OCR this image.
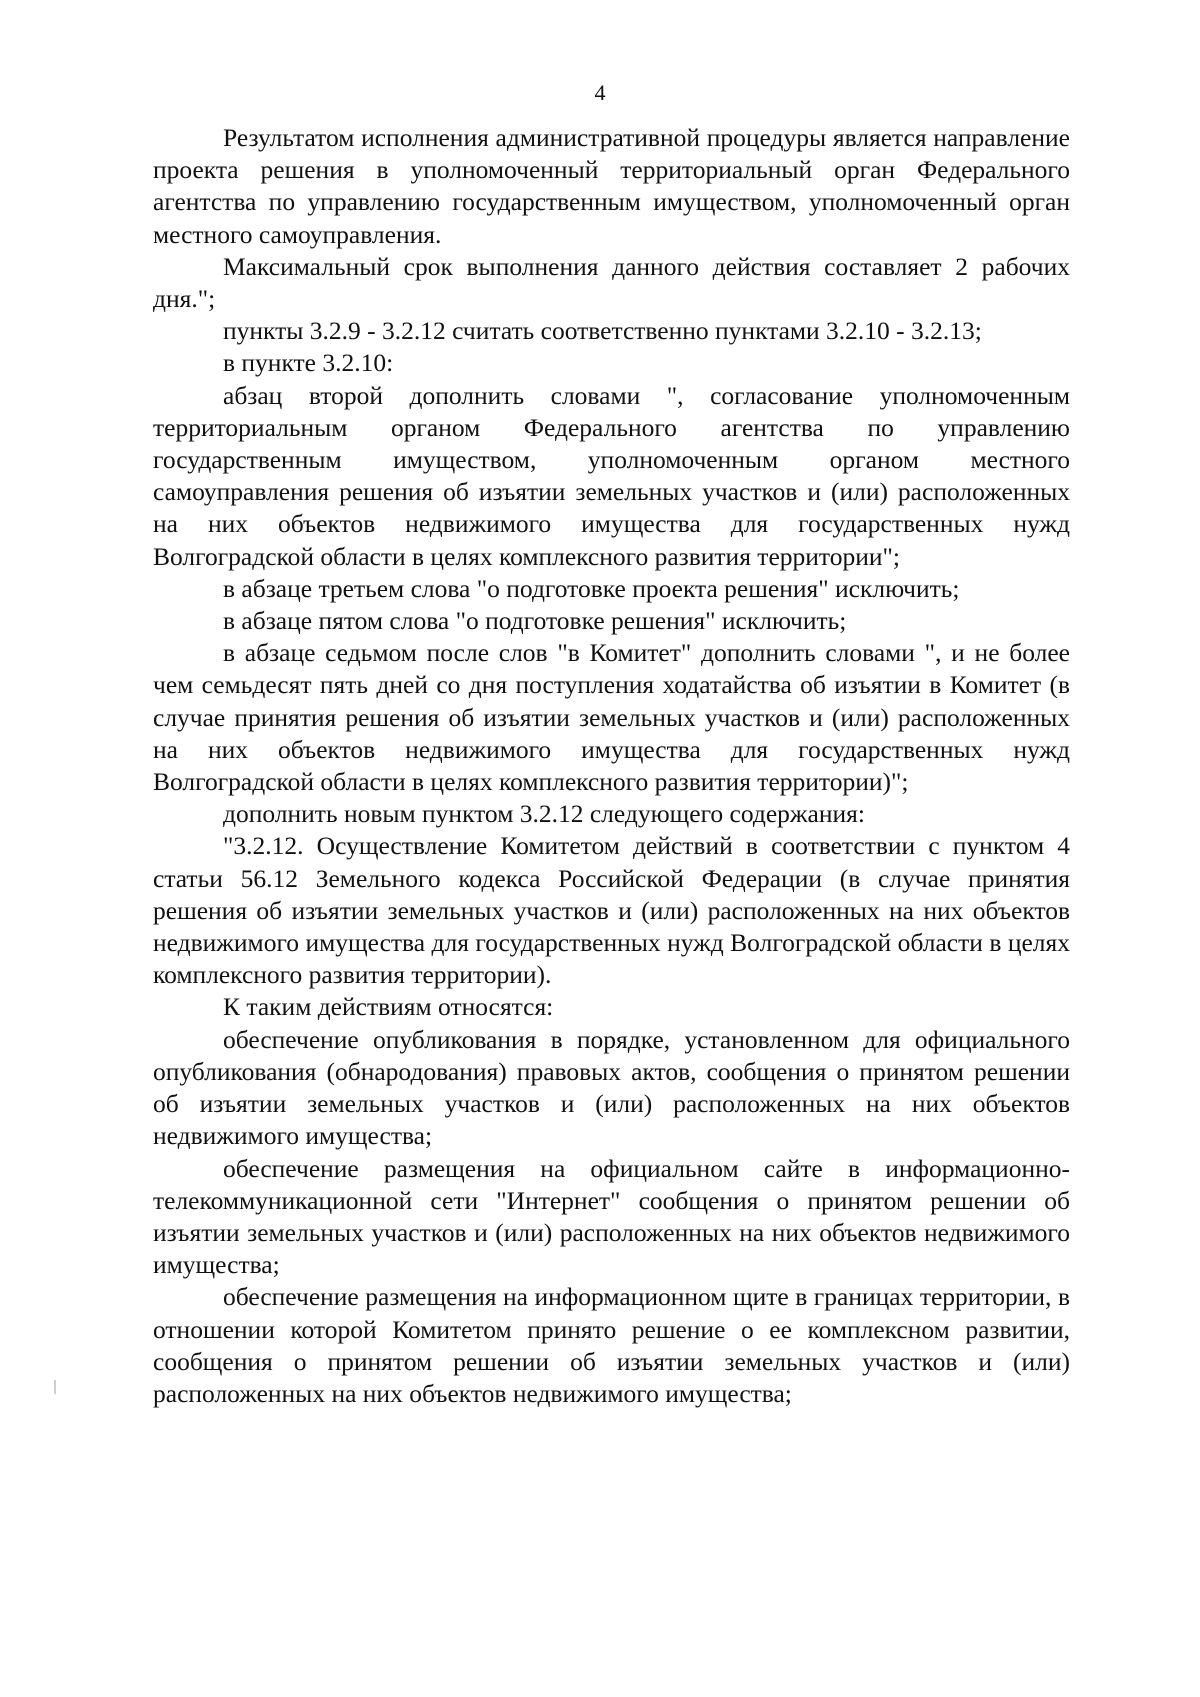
4

Результатом исполнения административной процедуры является направление проекта решения в уполномоченный территориальный орган Федерального агентства по управлению государственным имуществом, уполномоченный орган местного самоуправления.

Максимальный срок выполнения данного действия составляет 2 рабочих дня.";

пункты 3.2.9 - 3.2.12 считать соответственно пунктами 3.2.10 - 3.2.13;

в пункте 3.2.10:

абзац второй дополнить словами ", согласование уполномоченным территориальным органом Федерального агентства по управлению государственным имуществом, уполномоченным органом местного самоуправления решения об изъятии земельных участков и (или) расположенных на них объектов недвижимого имущества для государственных нужд Волгоградской области в целях комплексного развития территории";

в абзаце третьем слова "о подготовке проекта решения" исключить;

в абзаце пятом слова "о подготовке решения" исключить;

в абзаце седьмом после слов "в Комитет" дополнить словами ", и не более чем семьдесят пять дней со дня поступления ходатайства об изъятии в Комитет (в случае принятия решения об изъятии земельных участков и (или) расположенных на них объектов недвижимого имущества для государственных нужд Волгоградской области в целях комплексного развития территории)";

дополнить новым пунктом 3.2.12 следующего содержания:

"3.2.12. Осуществление Комитетом действий в соответствии с пунктом 4 статьи 56.12 Земельного кодекса Российской Федерации (в случае принятия решения об изъятии земельных участков и (или) расположенных на них объектов недвижимого имущества для государственных нужд Волгоградской области в целях комплексного развития территории).

К таким действиям относятся:

обеспечение опубликования в порядке, установленном для официального опубликования (обнародования) правовых актов, сообщения о принятом решении об изъятии земельных участков и (или) расположенных на них объектов недвижимого имущества;

обеспечение размещения на официальном сайте в информационно-телекоммуникационной сети "Интернет" сообщения о принятом решении об изъятии земельных участков и (или) расположенных на них объектов недвижимого имущества;

обеспечение размещения на информационном щите в границах территории, в отношении которой Комитетом принято решение о ее комплексном развитии, сообщения о принятом решении об изъятии земельных участков и (или) расположенных на них объектов недвижимого имущества;
